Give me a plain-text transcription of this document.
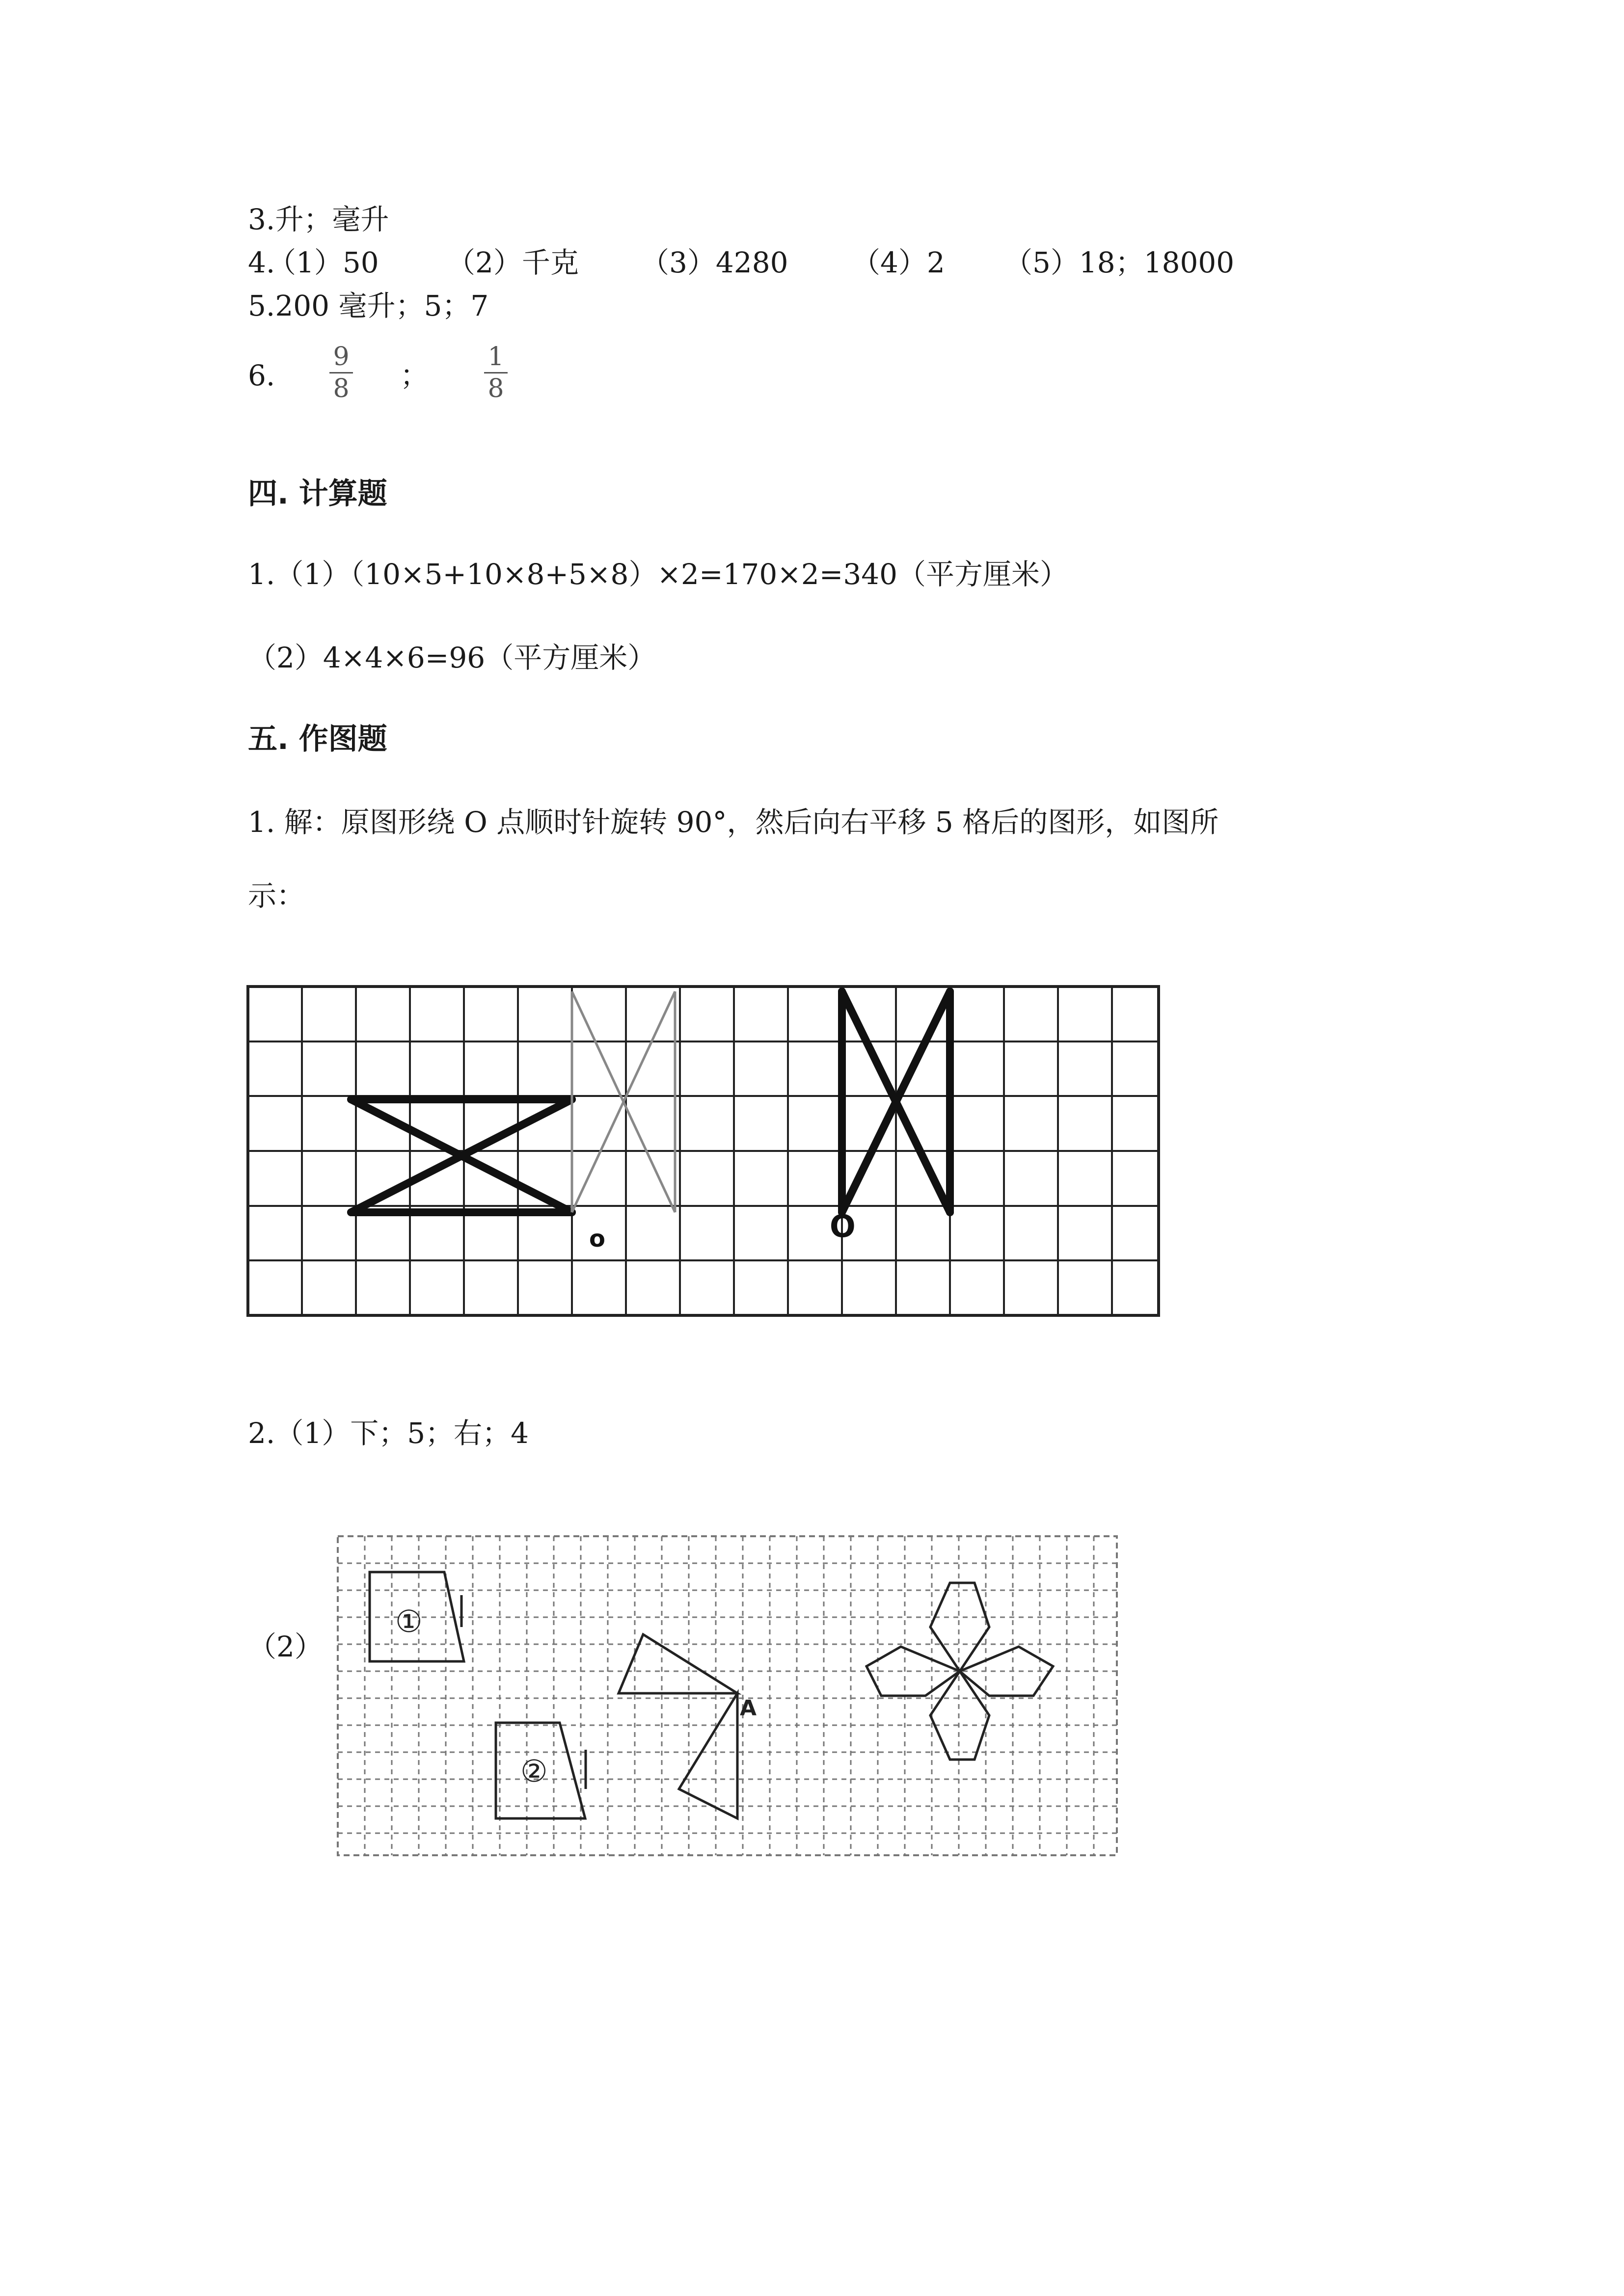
3.升；毫升
4.
（1）50 （2）千克 （3）4280 （4）2 （5）18；18000
5.200 毫升；5；7
6.
9
8 ；
1
8
四. 计算题
1.（1）（10×5+10×8+5×8）×2=170×2=340（平方厘米）
（2）4×4×6=96（平方厘米）
五. 作图题
1. 解：原图形绕 O 点顺时针旋转 90°，然后向右平移 5 格后的图形，如图所
示：
o	O
2.（1）下；5；右；4
（2）
①
②
A
